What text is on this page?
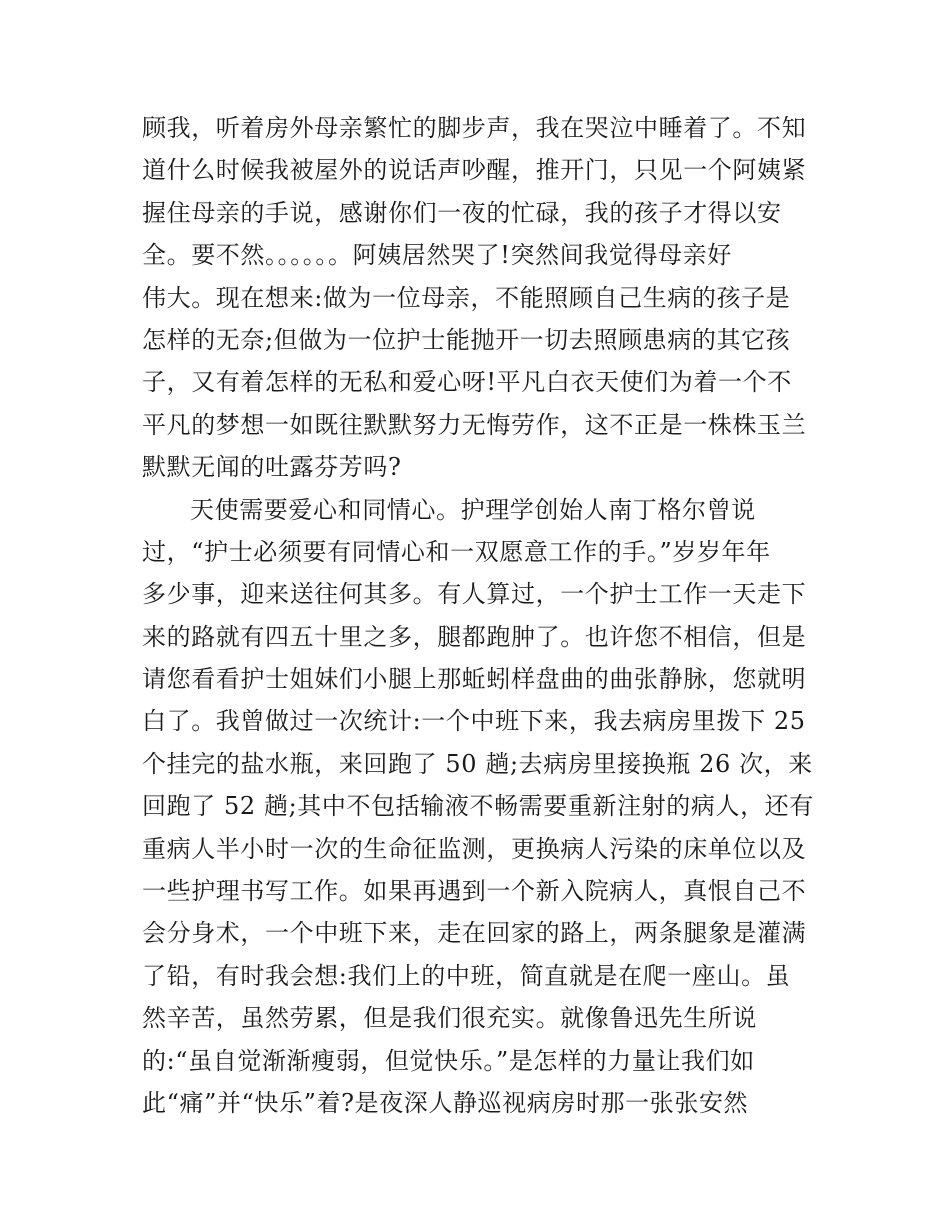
顾我，听着房外母亲繁忙的脚步声，我在哭泣中睡着了。不知
道什么时候我被屋外的说话声吵醒，推开门，只见一个阿姨紧
握住母亲的手说，感谢你们一夜的忙碌，我的孩子才得以安
全。要不然。。。。。。阿姨居然哭了!突然间我觉得母亲好
伟大。现在想来:做为一位母亲，不能照顾自己生病的孩子是
怎样的无奈;但做为一位护士能抛开一切去照顾患病的其它孩
子，又有着怎样的无私和爱心呀!平凡白衣天使们为着一个不
平凡的梦想一如既往默默努力无悔劳作，这不正是一株株玉兰
默默无闻的吐露芬芳吗?
天使需要爱心和同情心。护理学创始人南丁格尔曾说
过，“护士必须要有同情心和一双愿意工作的手。”岁岁年年
多少事，迎来送往何其多。有人算过，一个护士工作一天走下
来的路就有四五十里之多，腿都跑肿了。也许您不相信，但是
请您看看护士姐妹们小腿上那蚯蚓样盘曲的曲张静脉，您就明
白了。我曾做过一次统计:一个中班下来，我去病房里拨下 25
个挂完的盐水瓶，来回跑了 50 趟;去病房里接换瓶 26 次，来
回跑了 52 趟;其中不包括输液不畅需要重新注射的病人，还有
重病人半小时一次的生命征监测，更换病人污染的床单位以及
一些护理书写工作。如果再遇到一个新入院病人，真恨自己不
会分身术，一个中班下来，走在回家的路上，两条腿象是灌满
了铅，有时我会想:我们上的中班，简直就是在爬一座山。虽
然辛苦，虽然劳累，但是我们很充实。就像鲁迅先生所说
的:“虽自觉渐渐瘦弱，但觉快乐。”是怎样的力量让我们如
此“痛”并“快乐”着?是夜深人静巡视病房时那一张张安然
